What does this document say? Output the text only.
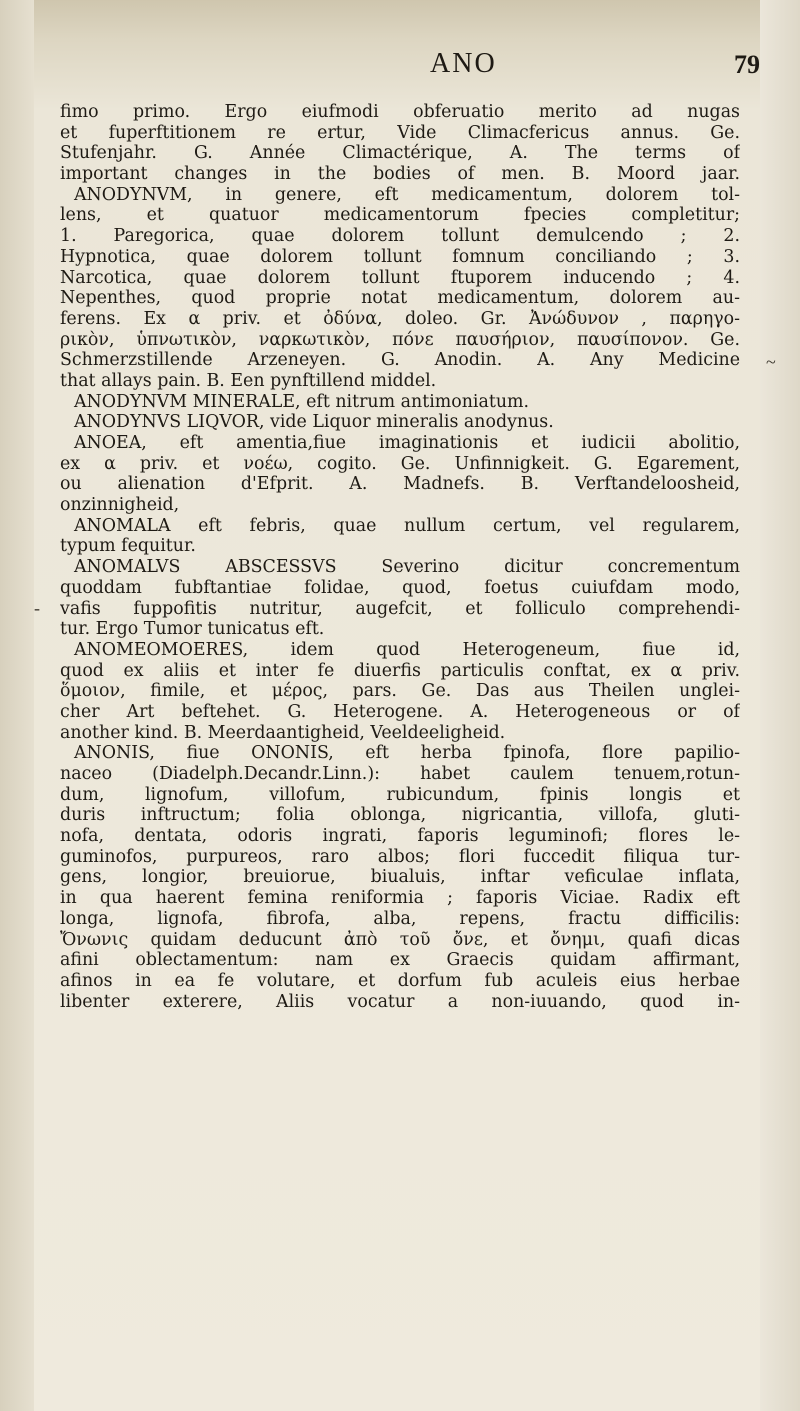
ANO	79
~
-
fimo primo. Ergo eiufmodi obferuatio merito ad nugas
et fuperftitionem re ertur, Vide Climacfericus annus. Ge.
Stufenjahr. G. Année Climactérique, A. The terms of
important changes in the bodies of men. B. Moord jaar.
ANODYNVM, in genere, eft medicamentum, dolorem tol-
lens, et quatuor medicamentorum fpecies completitur;
1. Paregorica, quae dolorem tollunt demulcendo ; 2.
Hypnotica, quae dolorem tollunt fomnum conciliando ; 3.
Narcotica, quae dolorem tollunt ftuporem inducendo ; 4.
Nepenthes, quod proprie notat medicamentum, dolorem au-
ferens. Ex α priv. et ὀδύνα, doleo. Gr. Ἀνώδυνον , παρηγο-
ρικὸν, ὑπνωτικὸν, ναρκωτικὸν, πόνε παυσήριον, παυσίπονον. Ge.
Schmerzstillende Arzeneyen. G. Anodin. A. Any Medicine
that allays pain. B. Een pynftillend middel.
ANODYNVM MINERALE, eft nitrum antimoniatum.
ANODYNVS LIQVOR, vide Liquor mineralis anodynus.
ANOEA, eft amentia,fiue imaginationis et iudicii abolitio,
ex α priv. et νοέω, cogito. Ge. Unfinnigkeit. G. Egarement,
ou alienation d'Efprit. A. Madnefs. B. Verftandeloosheid,
onzinnigheid,
ANOMALA eft febris, quae nullum certum, vel regularem,
typum fequitur.
ANOMALVS ABSCESSVS Severino dicitur concrementum
quoddam fubftantiae folidae, quod, foetus cuiufdam modo,
vafis fuppofitis nutritur, augefcit, et folliculo comprehendi-
tur. Ergo Tumor tunicatus eft.
ANOMEOMOERES, idem quod Heterogeneum, fiue id,
quod ex aliis et inter fe diuerfis particulis conftat, ex α priv.
ὅμοιον, fimile, et μέρος, pars. Ge. Das aus Theilen unglei-
cher Art beftehet. G. Heterogene. A. Heterogeneous or of
another kind. B. Meerdaantigheid, Veeldeeligheid.
ANONIS, fiue ONONIS, eft herba fpinofa, flore papilio-
naceo (Diadelph.Decandr.Linn.): habet caulem tenuem,rotun-
dum, lignofum, villofum, rubicundum, fpinis longis et
duris inftructum; folia oblonga, nigricantia, villofa, gluti-
nofa, dentata, odoris ingrati, faporis leguminofi; flores le-
guminofos, purpureos, raro albos; flori fuccedit filiqua tur-
gens, longior, breuiorue, biualuis, inftar veficulae inflata,
in qua haerent femina reniformia ; faporis Viciae. Radix eft
longa, lignofa, fibrofa, alba, repens, fractu difficilis:
Ὄνωνις quidam deducunt ἀπὸ τοῦ ὄνε, et ὄνημι, quafi dicas
afini oblectamentum: nam ex Graecis quidam affirmant,
afinos in ea fe volutare, et dorfum fub aculeis eius herbae
libenter exterere, Aliis vocatur a non-iuuando, quod in-
